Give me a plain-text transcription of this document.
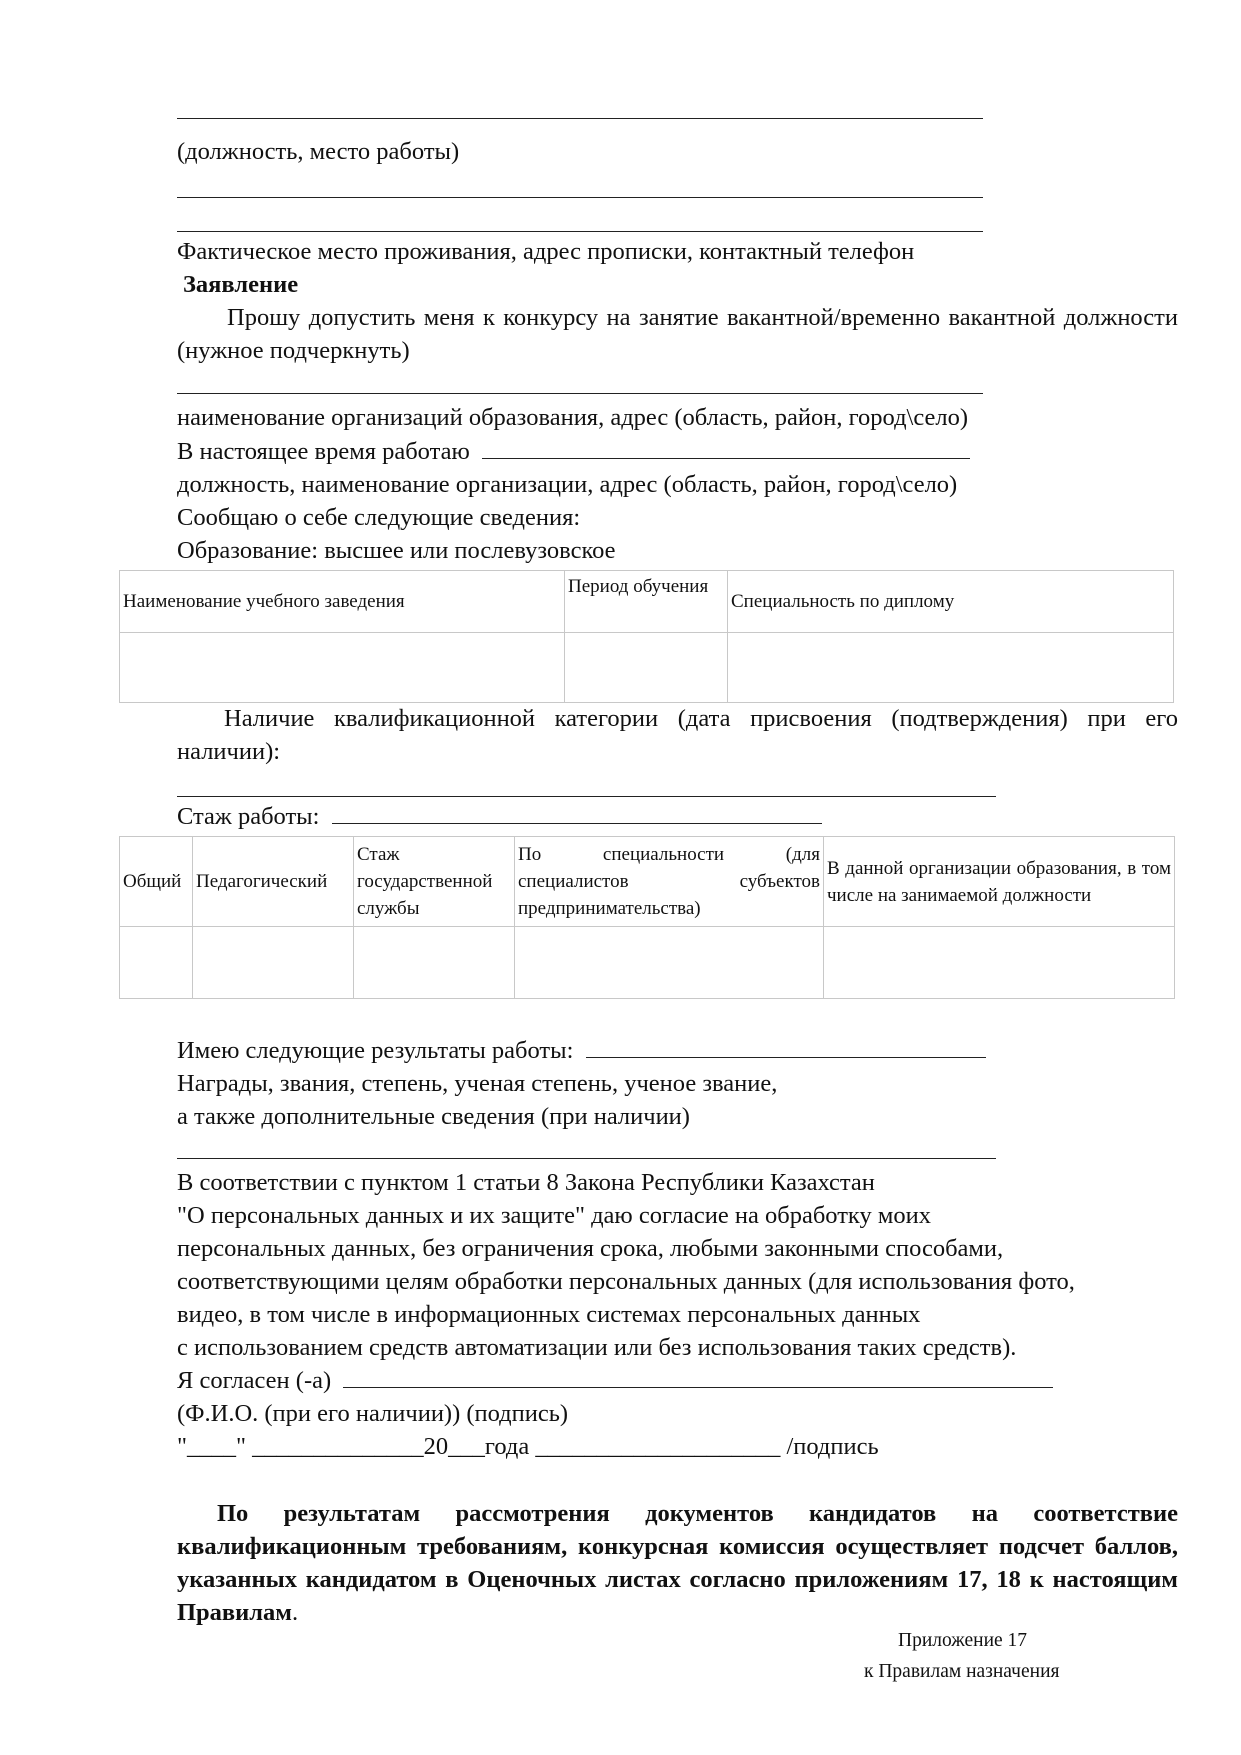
(должность, место работы)
Фактическое место проживания, адрес прописки, контактный телефон
Заявление
Прошу допустить меня к конкурсу на занятие вакантной/временно вакантной должности (нужное подчеркнуть)
наименование организаций образования, адрес (область, район, город\село)
В настоящее время работаю
должность, наименование организации, адрес (область, район, город\село)
Сообщаю о себе следующие сведения:
Образование: высшее или послевузовское
Наименование учебного заведения	Период обучения	Специальность по диплому

Наличие квалификационной категории (дата присвоения (подтверждения) при его наличии):
Стаж работы:
Общий	Педагогический	Стаж государственной службы	По специальности (для специалистов субъектов предпринимательства)	В данной организации образования, в том числе на занимаемой должности

Имею следующие результаты работы:
Награды, звания, степень, ученая степень, ученое звание,
а также дополнительные сведения (при наличии)
В соответствии с пунктом 1 статьи 8 Закона Республики Казахстан
"О персональных данных и их защите" даю согласие на обработку моих
персональных данных, без ограничения срока, любыми законными способами,
соответствующими целям обработки персональных данных (для использования фото,
видео, в том числе в информационных системах персональных данных
с использованием средств автоматизации или без использования таких средств).
Я согласен (-а)
(Ф.И.О. (при его наличии)) (подпись)
"____" ______________20___года ____________________ /подпись
По результатам рассмотрения документов кандидатов на соответствие квалификационным требованиям, конкурсная комиссия осуществляет подсчет баллов, указанных кандидатом в Оценочных листах согласно приложениям 17, 18 к настоящим Правилам.
Приложение 17
к Правилам назначения
